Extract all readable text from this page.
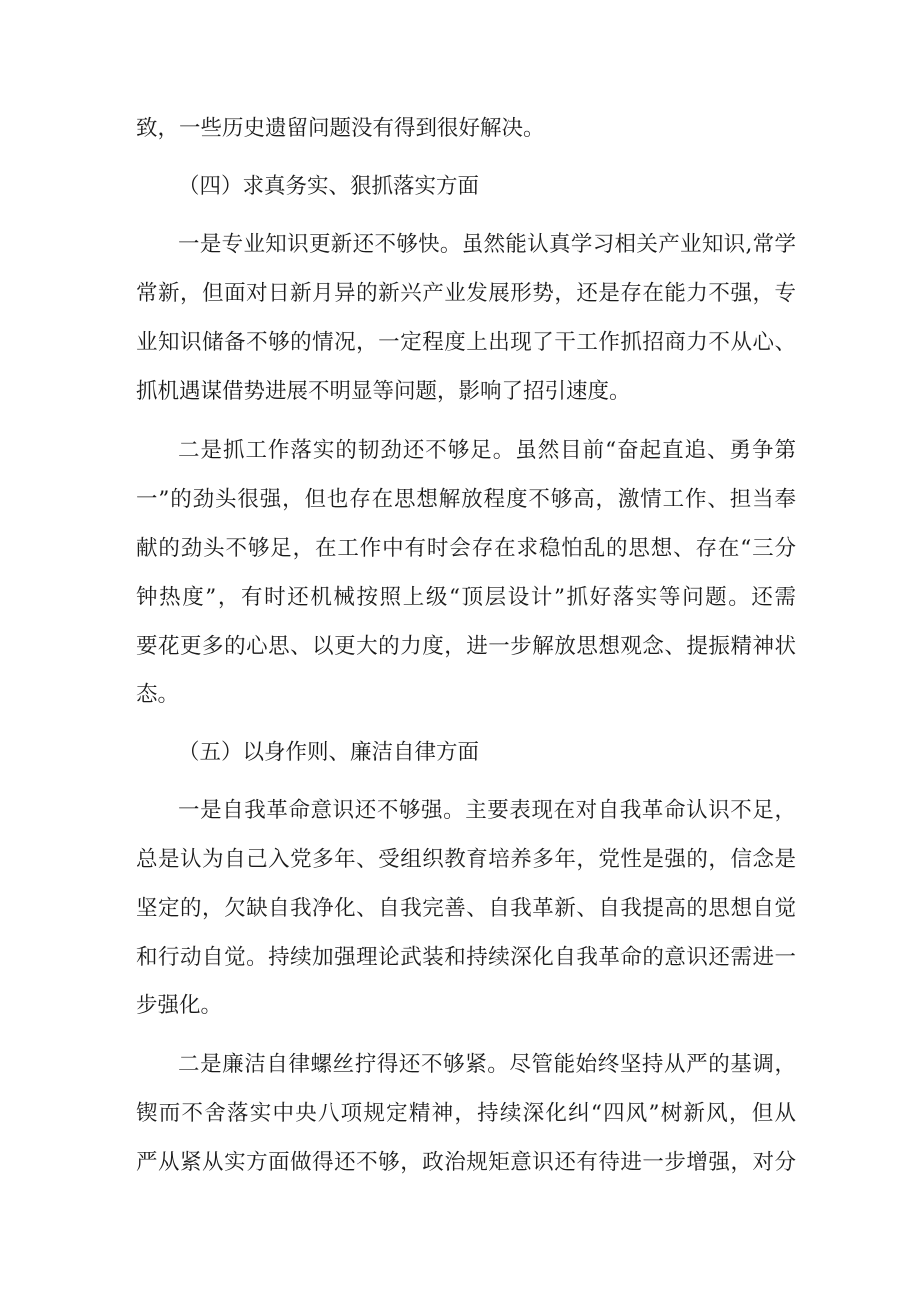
致，一些历史遗留问题没有得到很好解决。
（四）求真务实、狠抓落实方面
一是专业知识更新还不够快。虽然能认真学习相关产业知识,常学
常新，但面对日新月异的新兴产业发展形势，还是存在能力不强，专
业知识储备不够的情况，一定程度上出现了干工作抓招商力不从心、
抓机遇谋借势进展不明显等问题，影响了招引速度。
二是抓工作落实的韧劲还不够足。虽然目前“奋起直追、勇争第
一”的劲头很强，但也存在思想解放程度不够高，激情工作、担当奉
献的劲头不够足，在工作中有时会存在求稳怕乱的思想、存在“三分
钟热度”，有时还机械按照上级“顶层设计”抓好落实等问题。还需
要花更多的心思、以更大的力度，进一步解放思想观念、提振精神状
态。
（五）以身作则、廉洁自律方面
一是自我革命意识还不够强。主要表现在对自我革命认识不足，
总是认为自己入党多年、受组织教育培养多年，党性是强的，信念是
坚定的，欠缺自我净化、自我完善、自我革新、自我提高的思想自觉
和行动自觉。持续加强理论武装和持续深化自我革命的意识还需进一
步强化。
二是廉洁自律螺丝拧得还不够紧。尽管能始终坚持从严的基调，
锲而不舍落实中央八项规定精神，持续深化纠“四风”树新风，但从
严从紧从实方面做得还不够，政治规矩意识还有待进一步增强，对分
